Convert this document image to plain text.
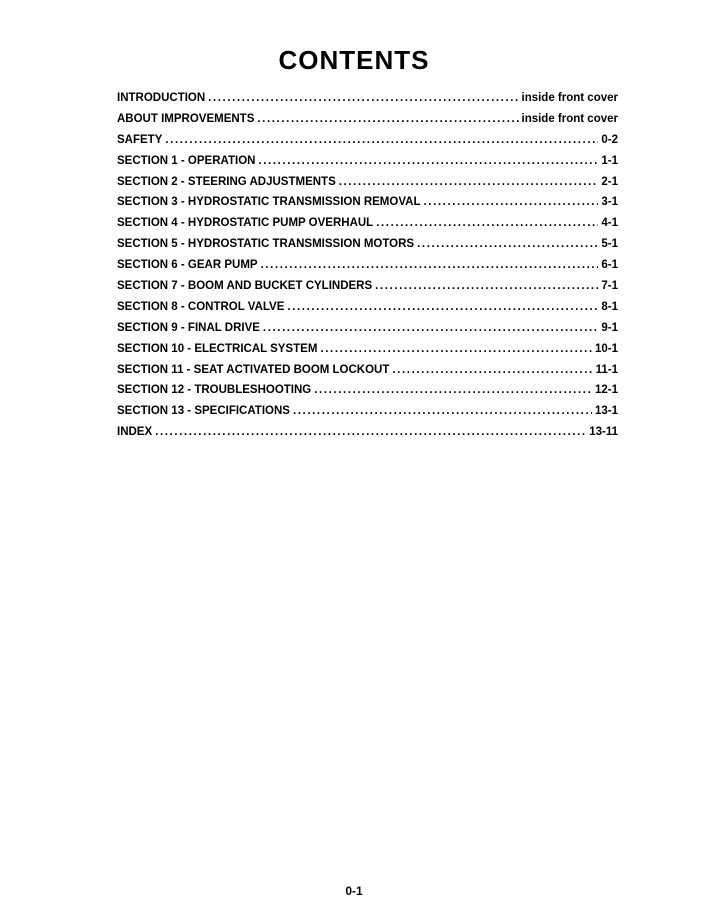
CONTENTS
INTRODUCTION .....	inside front cover
ABOUT IMPROVEMENTS .....	inside front cover
SAFETY .....	0-2
SECTION 1 - OPERATION .....	1-1
SECTION 2 - STEERING ADJUSTMENTS .....	2-1
SECTION 3 - HYDROSTATIC TRANSMISSION REMOVAL .....	3-1
SECTION 4 - HYDROSTATIC PUMP OVERHAUL .....	4-1
SECTION 5 - HYDROSTATIC TRANSMISSION MOTORS .....	5-1
SECTION 6 - GEAR PUMP .....	6-1
SECTION 7 - BOOM AND BUCKET CYLINDERS .....	7-1
SECTION 8 - CONTROL VALVE .....	8-1
SECTION 9 - FINAL DRIVE .....	9-1
SECTION 10 - ELECTRICAL SYSTEM .....	10-1
SECTION 11 - SEAT ACTIVATED BOOM LOCKOUT .....	11-1
SECTION 12 - TROUBLESHOOTING .....	12-1
SECTION 13 - SPECIFICATIONS .....	13-1
INDEX .....	13-11
0-1
